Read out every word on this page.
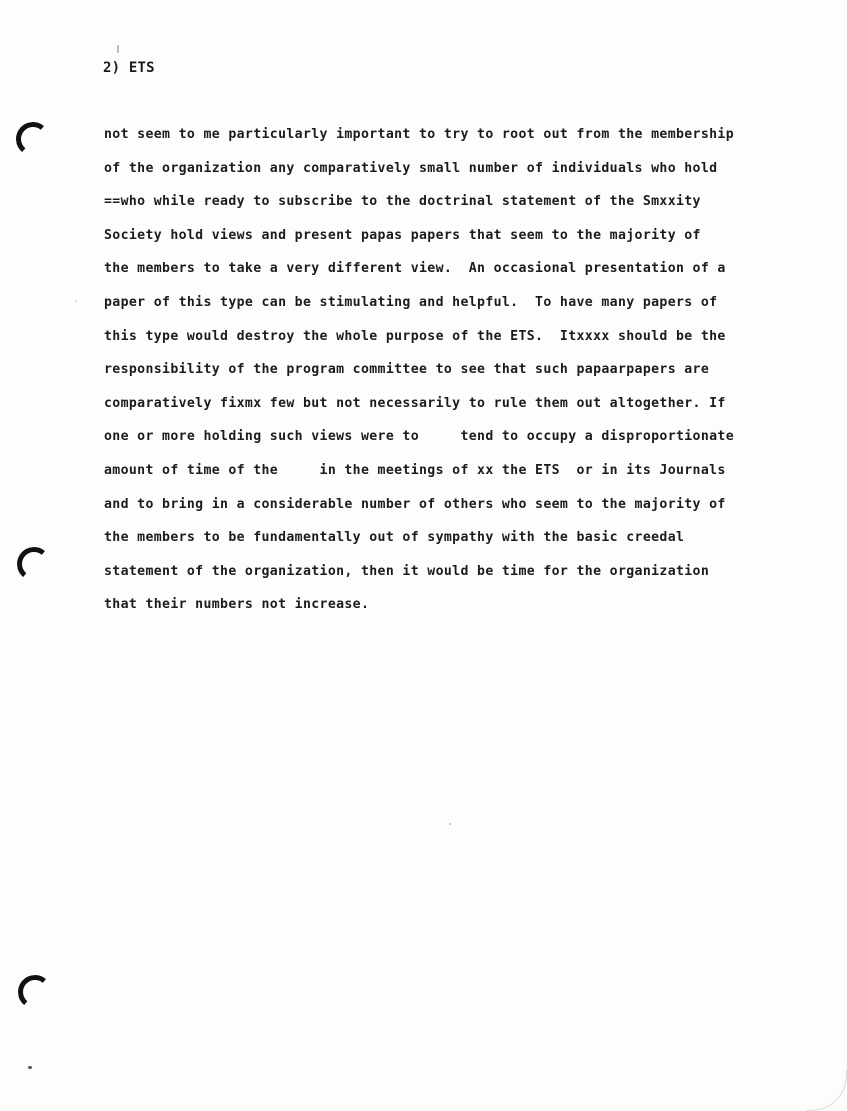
2) ETS
not seem to me particularly important to try to root out from the membership
of the organization any comparatively small number of individuals who hold
==who while ready to subscribe to the doctrinal statement of the Smxxity
Society hold views and present papas papers that seem to the majority of
the members to take a very different view.  An occasional presentation of a
paper of this type can be stimulating and helpful.  To have many papers of
this type would destroy the whole purpose of the ETS.  Itxxxx should be the
responsibility of the program committee to see that such papaarpapers are
comparatively fixmx few but not necessarily to rule them out altogether. If
one or more holding such views were to     tend to occupy a disproportionate
amount of time of the     in the meetings of xx the ETS  or in its Journals
and to bring in a considerable number of others who seem to the majority of
the members to be fundamentally out of sympathy with the basic creedal
statement of the organization, then it would be time for the organization
that their numbers not increase.
